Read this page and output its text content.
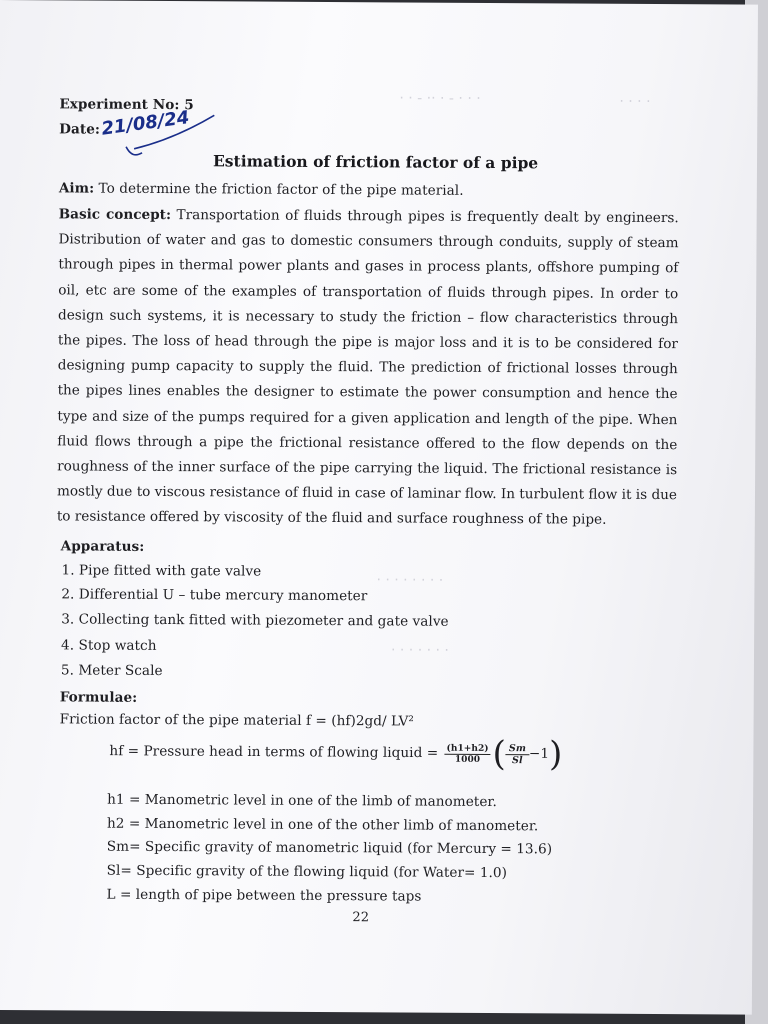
· · - ·· · - · · ·	· · · ·
· · · · · · · ·
· · · · · · ·
Experiment No: 5
Date: 21/08/24
Estimation of friction factor of a pipe
Aim: To determine the friction factor of the pipe material.
Basic concept: Transportation of fluids through pipes is frequently dealt by engineers. Distribution of water and gas to domestic consumers through conduits, supply of steam through pipes in thermal power plants and gases in process plants, offshore pumping of oil, etc are some of the examples of transportation of fluids through pipes. In order to design such systems, it is necessary to study the friction – flow characteristics through the pipes. The loss of head through the pipe is major loss and it is to be considered for designing pump capacity to supply the fluid. The prediction of frictional losses through the pipes lines enables the designer to estimate the power consumption and hence the type and size of the pumps required for a given application and length of the pipe. When fluid flows through a pipe the frictional resistance offered to the flow depends on the roughness of the inner surface of the pipe carrying the liquid. The frictional resistance is mostly due to viscous resistance of fluid in case of laminar flow. In turbulent flow it is due to resistance offered by viscosity of the fluid and surface roughness of the pipe.
Apparatus:
1. Pipe fitted with gate valve
2. Differential U – tube mercury manometer
3. Collecting tank fitted with piezometer and gate valve
4. Stop watch
5. Meter Scale
Formulae:
Friction factor of the pipe material f = (hf)2gd/ LV²
hf = Pressure head in terms of flowing liquid = $\frac{(h1+h2)}{1000}$ ( $\frac{Sm}{Sl} -1$)
h1 = Manometric level in one of the limb of manometer.
h2 = Manometric level in one of the other limb of manometer.
Sm= Specific gravity of manometric liquid (for Mercury = 13.6)
Sl= Specific gravity of the flowing liquid (for Water= 1.0)
L = length of pipe between the pressure taps
22
